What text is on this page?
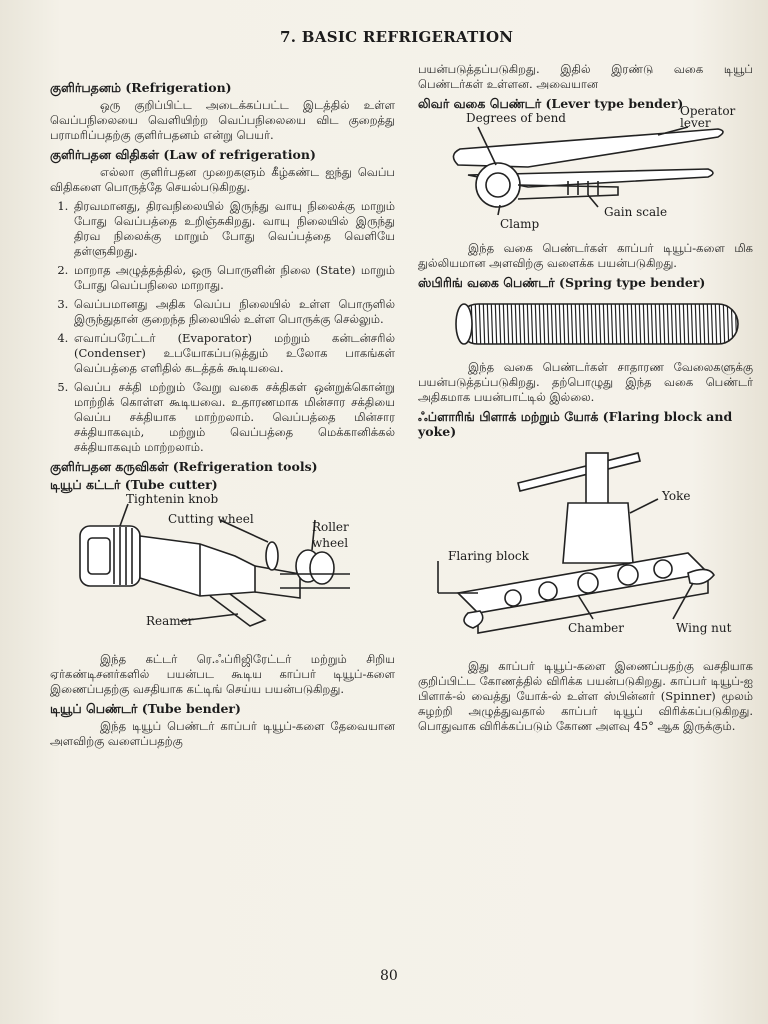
7. BASIC REFRIGERATION
குளிர்பதனம் (Refrigeration)

ஒரு குறிப்பிட்ட அடைக்கப்பட்ட இடத்தில் உள்ள வெப்பநிலையை வெளியிற்ற வெப்பநிலையை விட குறைத்து பராமரிப்பதற்கு குளிர்பதனம் என்று பெயர்.

குளிர்பதன விதிகள் (Law of refrigeration)

எல்லா குளிர்பதன முறைகளும் கீழ்கண்ட ஐந்து வெப்ப விதிகளை பொருத்தே செயல்படுகிறது.

1. திரவமானது, திரவநிலையில் இருந்து வாயு நிலைக்கு மாறும் போது வெப்பத்தை உறிஞ்சுகிறது. வாயு நிலையில் இருந்து திரவ நிலைக்கு மாறும் போது வெப்பத்தை வெளியே தள்ளுகிறது.
2. மாறாத அழுத்தத்தில், ஒரு பொருளின் நிலை (State) மாறும் போது வெப்பநிலை மாறாது.
3. வெப்பமானது அதிக வெப்ப நிலையில் உள்ள பொருளில் இருந்துதான் குறைந்த நிலையில் உள்ள பொருக்கு செல்லும்.
4. எவாப்பரேட்டர் (Evaporator) மற்றும் கன்டன்சரில் (Condenser) உபயோகப்படுத்தும் உலோக பாகங்கள் வெப்பத்தை எளிதில் கடத்தக் கூடியவை.
5. வெப்ப சக்தி மற்றும் வேறு வகை சக்திகள் ஒன்றுக்கொன்று மாற்றிக் கொள்ள கூடியவை. உதாரணமாக மின்சார சக்தியை வெப்ப சக்தியாக மாற்றலாம். வெப்பத்தை மின்சார சக்தியாகவும், மற்றும் வெப்பத்தை மெக்கானிக்கல் சக்தியாகவும் மாற்றலாம்.
குளிர்பதன கருவிகள் (Refrigeration tools)
டியூப் கட்டர் (Tube cutter)
Tightenin knob
Cutting wheel
Roller
wheel
Reamer

இந்த கட்டர் ரெ.ஃப்ரிஜிரேட்டர் மற்றும் சிறிய ஏர்கண்டிசனர்களில் பயன்பட கூடிய காப்பர் டியூப்-களை இணைப்பதற்கு வசதியாக கட்டிங் செய்ய பயன்படுகிறது.

டியூப் பெண்டர் (Tube bender)

இந்த டியூப் பெண்டர் காப்பர் டியூப்-களை தேவையான அளவிற்கு வளைப்பதற்கு

பயன்படுத்தப்படுகிறது. இதில் இரண்டு வகை டியூப் பெண்டர்கள் உள்ளன. அவையான

லிவர் வகை பெண்டர் (Lever type bender)
Degrees of bend	Operator lever
Gain scale
Clamp

இந்த வகை பெண்டர்கள் காப்பர் டியூப்-களை மிக துல்லியமான அளவிற்கு வளைக்க பயன்படுகிறது.

ஸ்பிரிங் வகை பெண்டர் (Spring type bender)

இந்த வகை பெண்டர்கள் சாதாரண வேலைகளுக்கு பயன்படுத்தப்படுகிறது. தற்பொழுது இந்த வகை பெண்டர் அதிகமாக பயன்பாட்டில் இல்லை.

ஃப்ளாரிங் பிளாக் மற்றும் யோக் (Flaring block and yoke)
Yoke
Flaring block
Chamber	Wing nut

இது காப்பர் டியூப்-களை இணைப்பதற்கு வசதியாக குறிப்பிட்ட கோணத்தில் விரிக்க பயன்படுகிறது. காப்பர் டியூப்-ஐ பிளாக்-ல் வைத்து யோக்-ல் உள்ள ஸ்பின்னர் (Spinner) மூலம் சுழற்றி அழுத்துவதால் காப்பர் டியூப் விரிக்கப்படுகிறது. பொதுவாக விரிக்கப்படும் கோண அளவு 45° ஆக இருக்கும்.

80
